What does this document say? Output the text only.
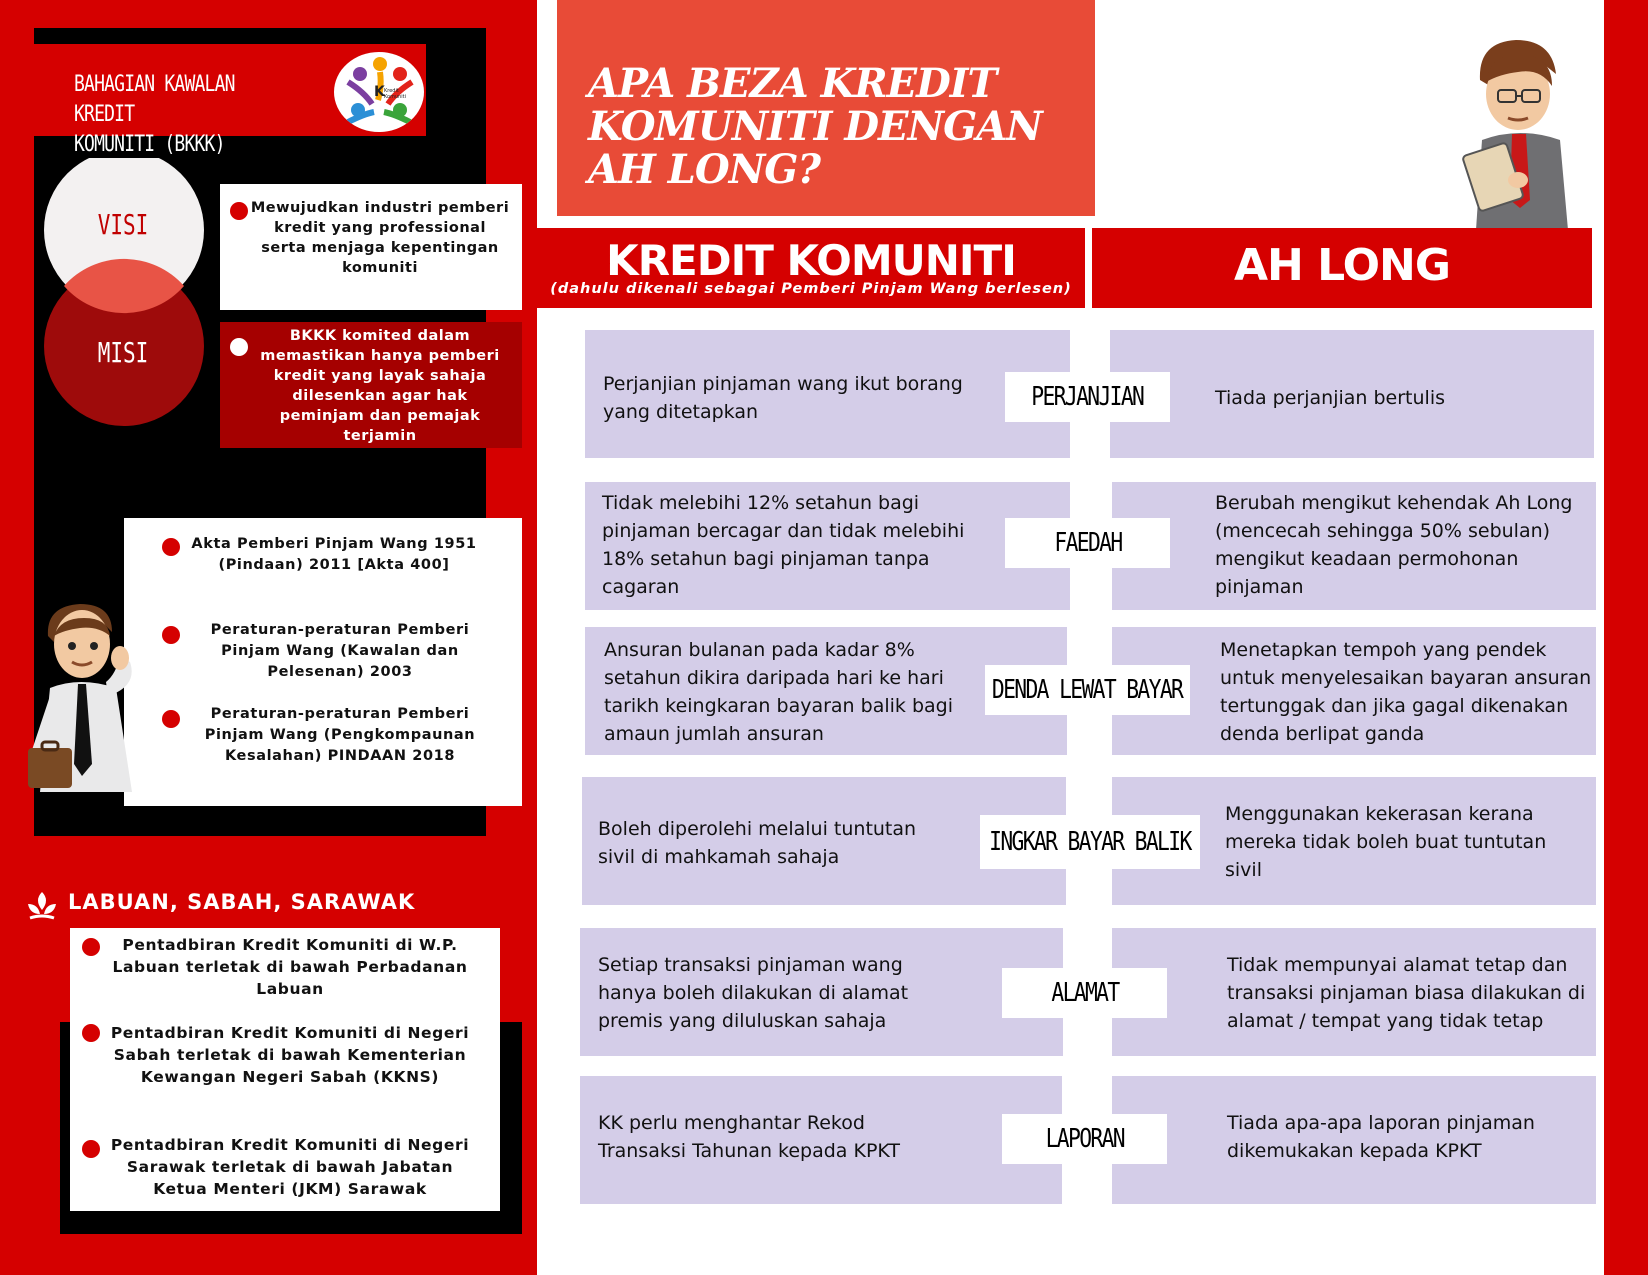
BAHAGIAN KAWALAN KREDIT
KOMUNITI (BKKK)
K Kredit
Komuniti
VISI
MISI
Mewujudkan industri pemberi kredit yang professional serta menjaga kepentingan komuniti
BKKK komited dalam memastikan hanya pemberi kredit yang layak sahaja dilesenkan agar hak peminjam dan pemajak terjamin
Akta Pemberi Pinjam Wang 1951 (Pindaan) 2011 [Akta 400]
Peraturan-peraturan Pemberi Pinjam Wang (Kawalan dan Pelesenan) 2003
Peraturan-peraturan Pemberi Pinjam Wang (Pengkompaunan Kesalahan) PINDAAN 2018
LABUAN, SABAH, SARAWAK
Pentadbiran Kredit Komuniti di W.P. Labuan terletak di bawah Perbadanan Labuan
Pentadbiran Kredit Komuniti di Negeri Sabah terletak di bawah Kementerian Kewangan Negeri Sabah (KKNS)
Pentadbiran Kredit Komuniti di Negeri Sarawak terletak di bawah Jabatan Ketua Menteri (JKM) Sarawak
APA BEZA KREDIT
KOMUNITI DENGAN
AH LONG?
KREDIT KOMUNITI
(dahulu dikenali sebagai Pemberi Pinjam Wang berlesen)	AH LONG
Perjanjian pinjaman wang ikut borang yang ditetapkan
Tiada perjanjian bertulis
PERJANJIAN
Tidak melebihi 12% setahun bagi pinjaman bercagar dan tidak melebihi 18% setahun bagi pinjaman tanpa cagaran
Berubah mengikut kehendak Ah Long (mencecah sehingga 50% sebulan) mengikut keadaan permohonan pinjaman
FAEDAH
Ansuran bulanan pada kadar 8% setahun dikira daripada hari ke hari tarikh keingkaran bayaran balik bagi amaun jumlah ansuran
Menetapkan tempoh yang pendek untuk menyelesaikan bayaran ansuran tertunggak dan jika gagal dikenakan denda berlipat ganda
DENDA LEWAT BAYAR
Boleh diperolehi melalui tuntutan sivil di mahkamah sahaja
Menggunakan kekerasan kerana mereka tidak boleh buat tuntutan sivil
INGKAR BAYAR BALIK
Setiap transaksi pinjaman wang hanya boleh dilakukan di alamat premis yang diluluskan sahaja
Tidak mempunyai alamat tetap dan transaksi pinjaman biasa dilakukan di alamat / tempat yang tidak tetap
ALAMAT
KK perlu menghantar Rekod Transaksi Tahunan kepada KPKT
Tiada apa-apa laporan pinjaman dikemukakan kepada KPKT
LAPORAN
